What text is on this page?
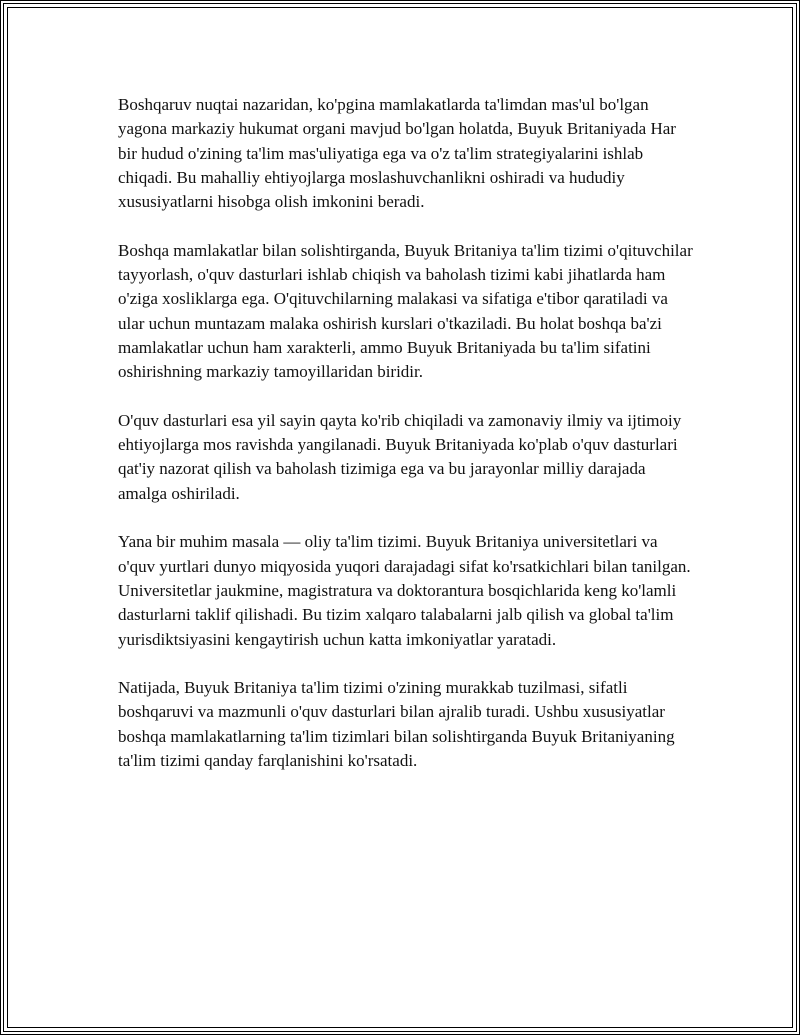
Boshqaruv nuqtai nazaridan, ko'pgina mamlakatlarda ta'limdan mas'ul bo'lgan yagona markaziy hukumat organi mavjud bo'lgan holatda, Buyuk Britaniyada Har bir hudud o'zining ta'lim mas'uliyatiga ega va o'z ta'lim strategiyalarini ishlab chiqadi. Bu mahalliy ehtiyojlarga moslashuvchanlikni oshiradi va hududiy xususiyatlarni hisobga olish imkonini beradi.

Boshqa mamlakatlar bilan solishtirganda, Buyuk Britaniya ta'lim tizimi o'qituvchilar tayyorlash, o'quv dasturlari ishlab chiqish va baholash tizimi kabi jihatlarda ham o'ziga xosliklarga ega. O'qituvchilarning malakasi va sifatiga e'tibor qaratiladi va ular uchun muntazam malaka oshirish kurslari o'tkaziladi. Bu holat boshqa ba'zi mamlakatlar uchun ham xarakterli, ammo Buyuk Britaniyada bu ta'lim sifatini oshirishning markaziy tamoyillaridan biridir.

O'quv dasturlari esa yil sayin qayta ko'rib chiqiladi va zamonaviy ilmiy va ijtimoiy ehtiyojlarga mos ravishda yangilanadi. Buyuk Britaniyada ko'plab o'quv dasturlari qat'iy nazorat qilish va baholash tizimiga ega va bu jarayonlar milliy darajada amalga oshiriladi.

Yana bir muhim masala — oliy ta'lim tizimi. Buyuk Britaniya universitetlari va o'quv yurtlari dunyo miqyosida yuqori darajadagi sifat ko'rsatkichlari bilan tanilgan. Universitetlar jaukmine, magistratura va doktorantura bosqichlarida keng ko'lamli dasturlarni taklif qilishadi. Bu tizim xalqaro talabalarni jalb qilish va global ta'lim yurisdiktsiyasini kengaytirish uchun katta imkoniyatlar yaratadi.

Natijada, Buyuk Britaniya ta'lim tizimi o'zining murakkab tuzilmasi, sifatli boshqaruvi va mazmunli o'quv dasturlari bilan ajralib turadi. Ushbu xususiyatlar boshqa mamlakatlarning ta'lim tizimlari bilan solishtirganda Buyuk Britaniyaning ta'lim tizimi qanday farqlanishini ko'rsatadi.
